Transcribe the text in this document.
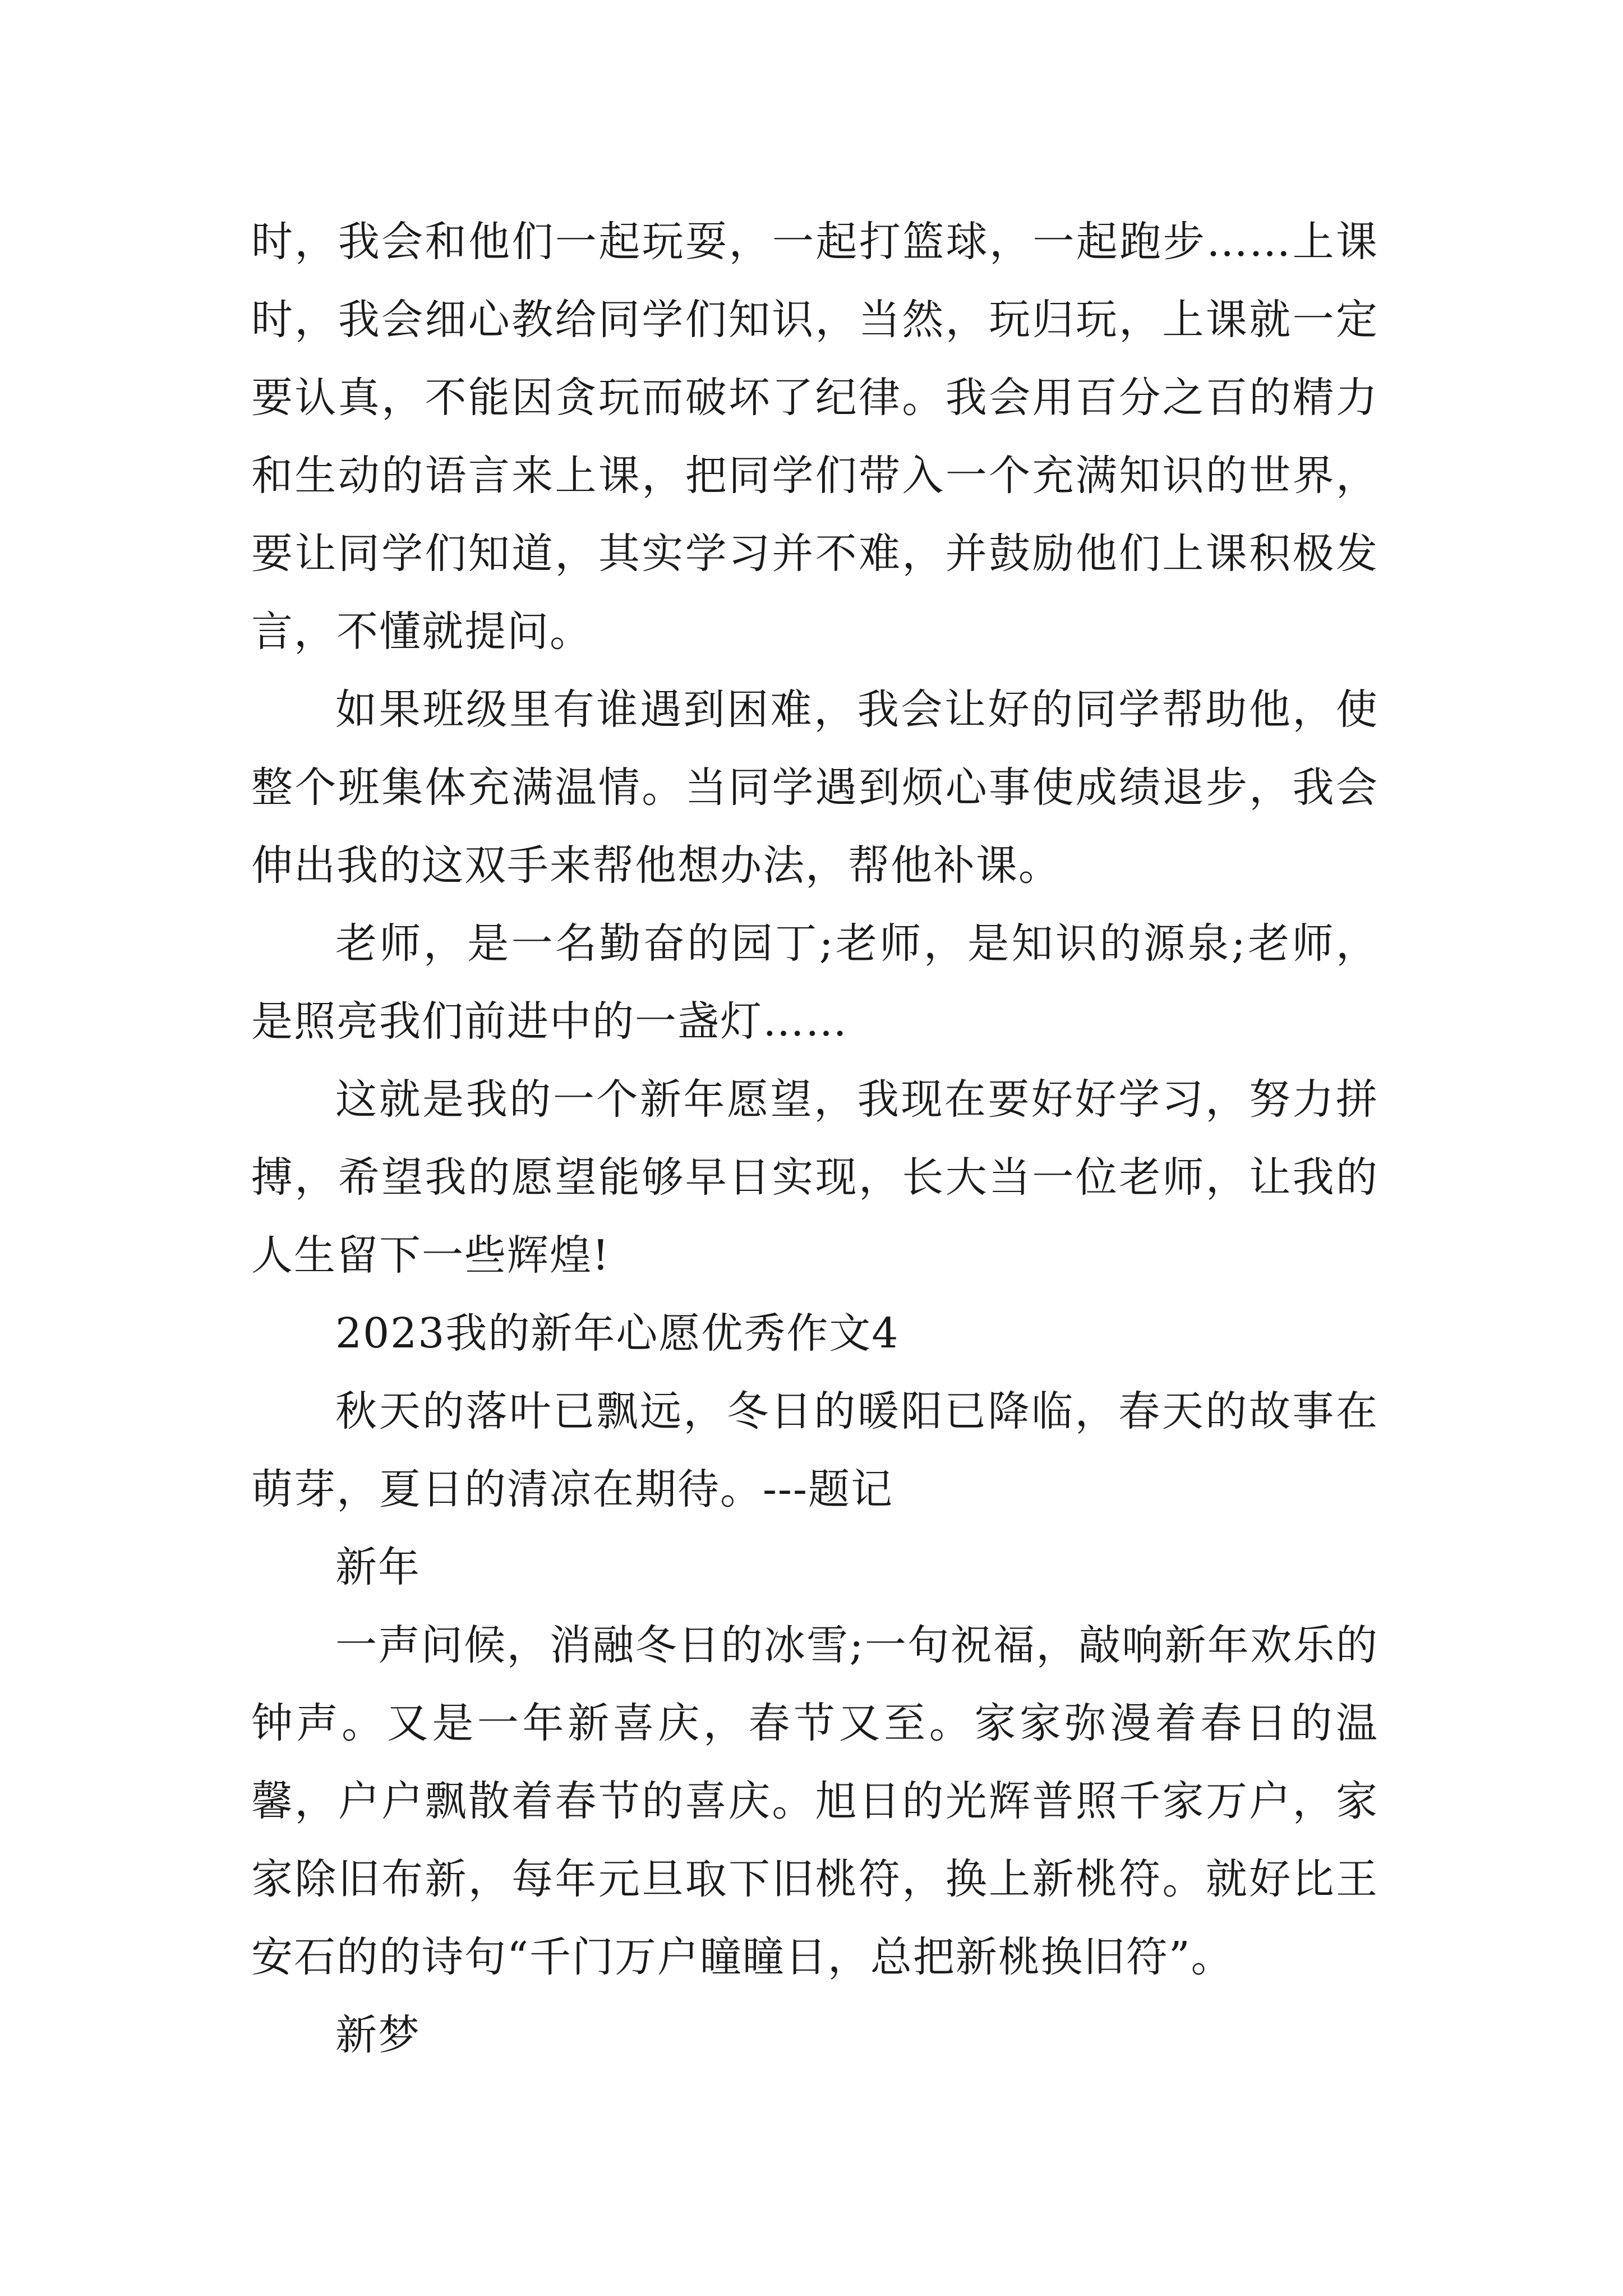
时，我会和他们一起玩耍，一起打篮球，一起跑步……上课时，我会细心教给同学们知识，当然，玩归玩，上课就一定要认真，不能因贪玩而破坏了纪律。我会用百分之百的精力和生动的语言来上课，把同学们带入一个充满知识的世界，要让同学们知道，其实学习并不难，并鼓励他们上课积极发言，不懂就提问。

如果班级里有谁遇到困难，我会让好的同学帮助他，使整个班集体充满温情。当同学遇到烦心事使成绩退步，我会伸出我的这双手来帮他想办法，帮他补课。

老师，是一名勤奋的园丁;老师，是知识的源泉;老师，是照亮我们前进中的一盏灯……

这就是我的一个新年愿望，我现在要好好学习，努力拼搏，希望我的愿望能够早日实现，长大当一位老师，让我的人生留下一些辉煌!

2023我的新年心愿优秀作文4

秋天的落叶已飘远，冬日的暖阳已降临，春天的故事在萌芽，夏日的清凉在期待。---题记

新年

一声问候，消融冬日的冰雪;一句祝福，敲响新年欢乐的钟声。又是一年新喜庆，春节又至。家家弥漫着春日的温馨，户户飘散着春节的喜庆。旭日的光辉普照千家万户，家家除旧布新，每年元旦取下旧桃符，换上新桃符。就好比王安石的的诗句“千门万户瞳瞳日，总把新桃换旧符”。

新梦
